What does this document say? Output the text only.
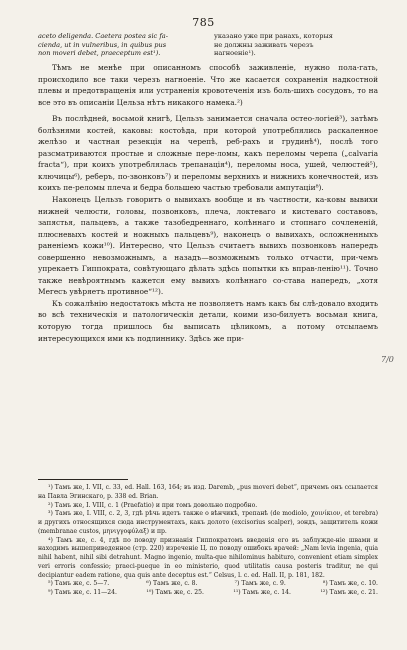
785
aceto deligenda. Caetera postea sic fa-
cienda, ut in vulneribus, in quibus pus
non moveri debet, praeceptum est¹).
указано уже при ранахъ, которыя
не должны заживать черезъ
нагноеніе¹).

Тѣмъ не менѣе при описанномъ способѣ заживленіе, нужно пола-гать, происходило все таки черезъ нагноеніе. Что же касается сохраненія надкостной плевы и предотвращенія или устраненія кровотеченія изъ боль-шихъ сосудовъ, то на все это въ описаніи Цельза нѣтъ никакого намека.²)

Въ послѣдней, восьмой книгѣ, Цельзъ занимается сначала остео-логіей³), затѣмъ болѣзнями костей, каковы: костоѣда, при которой употреблялись раскаленное желѣзо и частная резекція на черепѣ, реб-рахъ и грудинѣ⁴), послѣ того разсматриваются простые и сложные пере-ломы, какъ переломы черепа („calvaria fracta“), при коихъ употреблялась трепанація⁴), переломы носа, ушей, челюстей⁵), ключицы⁶), реберъ, по-звонковъ⁷) и переломы верхнихъ и нижнихъ конечностей, изъ коихъ пе-реломы плеча и бедра большею частью требовали ампутаціи⁸).

Наконецъ Цельзъ говоритъ о вывихахъ вообще и въ частности, ка-ковы вывихи нижней челюсти, головы, позвонковъ, плеча, локтеваго и кистеваго составовъ, запястья, пальцевъ, а также тазобедреннаго, колѣннаго и стопнаго сочлененій, плюсневыхъ костей и ножныхъ пальцевъ⁹), наконецъ о вывихахъ, осложненныхъ раненіемъ кожи¹⁰). Интересно, что Цельзъ считаетъ вывихъ позвонковъ напередъ совершенно невозможнымъ, а назадъ—возможнымъ только отчасти, при-чемъ упрекаетъ Гиппократа, совѣтующаго дѣлать здѣсь попытки къ вправ-ленію¹¹). Точно также невѣроятнымъ кажется ему вывихъ колѣннаго со-става напередъ, „хотя Мегесъ увѣряетъ противное“¹²).

Къ сожалѣнію недостатокъ мѣста не позволяетъ намъ какъ бы слѣ-довало входить во всѣ техническія и патологическія детали, коими изо-билуетъ восьмая книга, которую тогда пришлось бы выписать цѣликомъ, а потому отсылаемъ интересующихся ими къ подлиннику. Здѣсь же при-

7/0

¹) Тамъ же, I. VII, с. 33, ed. Hall. 163, 164; въ изд. Daremb, „pus moveri debet“, причемъ онъ ссылается на Павла Эгинскаго, р. 338 ed. Brian.

²) Тамъ же, I. VIII, с. 1 (Praefatio) и при томъ довольно подробно.

³) Тамъ же, I. VIII, с. 2, 3, гдѣ рѣчь идетъ также о вѣнчикѣ, трепанѣ (de modiolo, χοινίκιον, et terebra) и другихъ относящихся сюда инструментахъ, какъ долото (excisorius scalper), зондъ, защититель кожи (membranae custos, μηνιγγοφύλαξ) и пр.

⁴) Тамъ же, с. 4, гдѣ по поводу признанія Гиппократомъ введенія его въ заблужде-ніе швами и находимъ вышеприведенное (стр. 220) изреченіе Ц. по поводу ошибокъ врачей: „Nam levia ingenia, quia nihil habent, nihil sibi detrahunt. Magno ingenio, multa-que nihilominus habituro, convenient etiam simplex veri erroris confessio; praeci-pueque in eo ministerio, quod utilitatis causa posteris traditur, ne qui decipiantur eadem ratione, qua quis ante deceptus est.“ Celsus, l. c. ed. Hall. II, p. 181, 182.

⁵) Тамъ же, с. 5—7.	⁶) Тамъ же, с. 8.	⁷) Тамъ же, с. 9.	⁸) Тамъ же, с. 10.
⁹) Тамъ же, с. 11—24.	¹⁰) Тамъ же, с. 25.	¹¹) Тамъ же, с. 14.	¹²) Тамъ же, с. 21.
